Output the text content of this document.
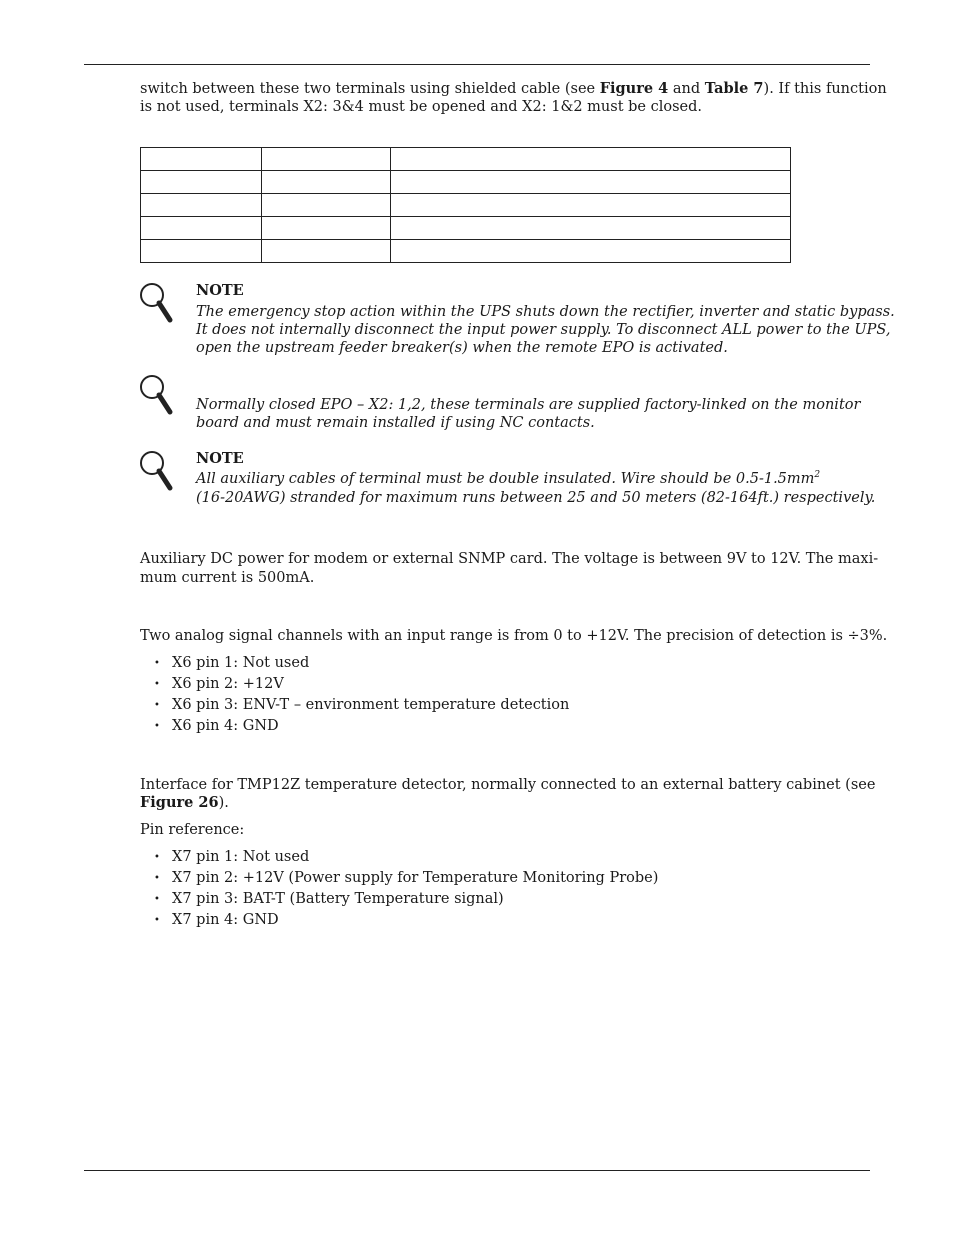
switch between these two terminals using shielded cable (see Figure 4 and Table 7). If this function
is not used, terminals X2: 3&4 must be opened and X2: 1&2 must be closed.

NOTE
The emergency stop action within the UPS shuts down the rectifier, inverter and static bypass.
It does not internally disconnect the input power supply. To disconnect ALL power to the UPS,
open the upstream feeder breaker(s) when the remote EPO is activated.
Normally closed EPO – X2: 1,2, these terminals are supplied factory-linked on the monitor
board and must remain installed if using NC contacts.
NOTE
All auxiliary cables of terminal must be double insulated. Wire should be $0.5-1.5mm^2$
(16-20AWG) stranded for maximum runs between 25 and 50 meters (82-164ft.) respectively.
Auxiliary DC power for modem or external SNMP card. The voltage is between 9V to 12V. The maxi-
mum current is 500mA.
Two analog signal channels with an input range is from 0 to +12V. The precision of detection is ÷3%.
• X6 pin 1: Not used
• X6 pin 2: +12V
• X6 pin 3: ENV-T – environment temperature detection
• X6 pin 4: GND
Interface for TMP12Z temperature detector, normally connected to an external battery cabinet (see
Figure 26).
Pin reference:
• X7 pin 1: Not used
• X7 pin 2: +12V (Power supply for Temperature Monitoring Probe)
• X7 pin 3: BAT-T (Battery Temperature signal)
• X7 pin 4: GND
